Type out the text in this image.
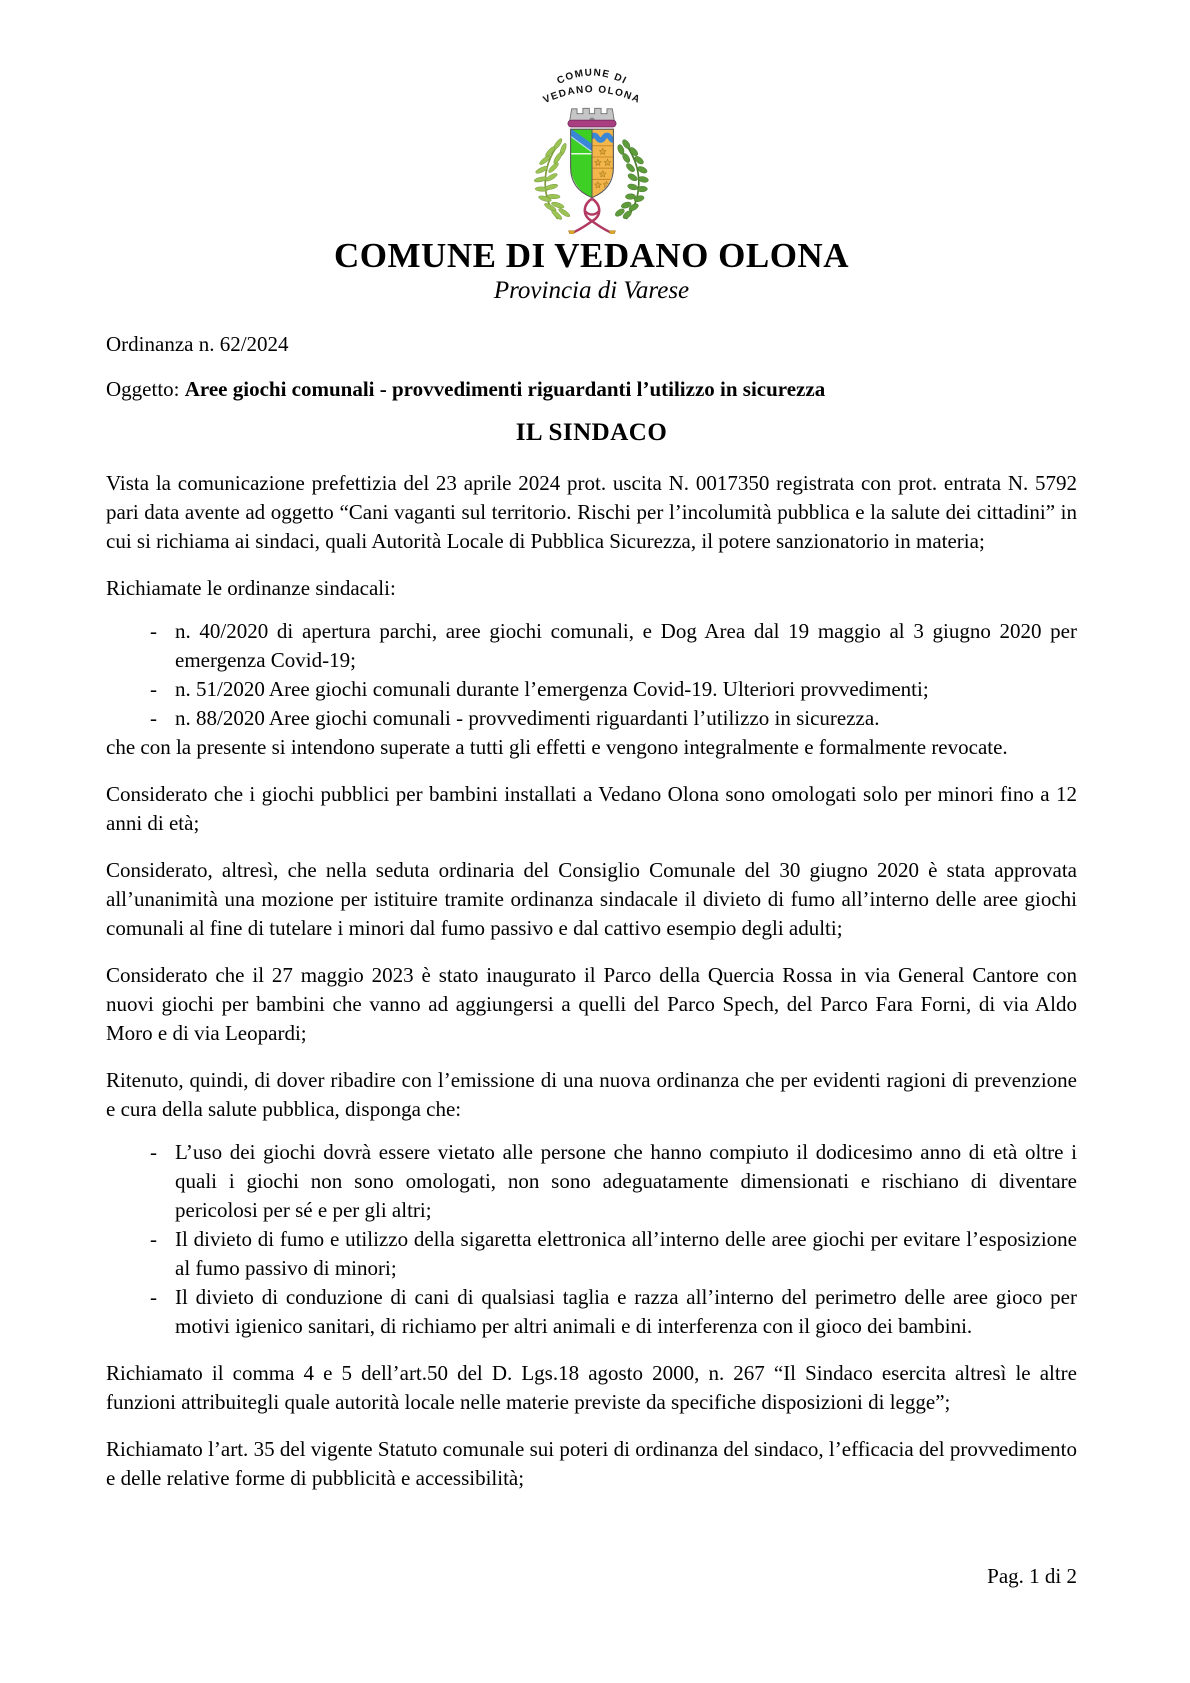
COMUNE DI
VEDANO OLONA
COMUNE DI VEDANO OLONA
Provincia di Varese

Ordinanza n. 62/2024

Oggetto: Aree giochi comunali - provvedimenti riguardanti l’utilizzo in sicurezza

IL SINDACO

Vista la comunicazione prefettizia del 23 aprile 2024 prot. uscita N. 0017350 registrata con prot. entrata N. 5792 pari data avente ad oggetto “Cani vaganti sul territorio. Rischi per l’incolumità pubblica e la salute dei cittadini” in cui si richiama ai sindaci, quali Autorità Locale di Pubblica Sicurezza, il potere sanzionatorio in materia;

Richiamate le ordinanze sindacali:

- n. 40/2020 di apertura parchi, aree giochi comunali, e Dog Area dal 19 maggio al 3 giugno 2020 per emergenza Covid-19;
- n. 51/2020 Aree giochi comunali durante l’emergenza Covid-19. Ulteriori provvedimenti;
- n. 88/2020 Aree giochi comunali - provvedimenti riguardanti l’utilizzo in sicurezza.

che con la presente si intendono superate a tutti gli effetti e vengono integralmente e formalmente revocate.

Considerato che i giochi pubblici per bambini installati a Vedano Olona sono omologati solo per minori fino a 12 anni di età;

Considerato, altresì, che nella seduta ordinaria del Consiglio Comunale del 30 giugno 2020 è stata approvata all’unanimità una mozione per istituire tramite ordinanza sindacale il divieto di fumo all’interno delle aree giochi comunali al fine di tutelare i minori dal fumo passivo e dal cattivo esempio degli adulti;

Considerato che il 27 maggio 2023 è stato inaugurato il Parco della Quercia Rossa in via General Cantore con nuovi giochi per bambini che vanno ad aggiungersi a quelli del Parco Spech, del Parco Fara Forni, di via Aldo Moro e di via Leopardi;

Ritenuto, quindi, di dover ribadire con l’emissione di una nuova ordinanza che per evidenti ragioni di prevenzione e cura della salute pubblica, disponga che:

- L’uso dei giochi dovrà essere vietato alle persone che hanno compiuto il dodicesimo anno di età oltre i quali i giochi non sono omologati, non sono adeguatamente dimensionati e rischiano di diventare pericolosi per sé e per gli altri;
- Il divieto di fumo e utilizzo della sigaretta elettronica all’interno delle aree giochi per evitare l’esposizione al fumo passivo di minori;
- Il divieto di conduzione di cani di qualsiasi taglia e razza all’interno del perimetro delle aree gioco per motivi igienico sanitari, di richiamo per altri animali e di interferenza con il gioco dei bambini.

Richiamato il comma 4 e 5 dell’art.50 del D. Lgs.18 agosto 2000, n. 267 “Il Sindaco esercita altresì le altre funzioni attribuitegli quale autorità locale nelle materie previste da specifiche disposizioni di legge”;

Richiamato l’art. 35 del vigente Statuto comunale sui poteri di ordinanza del sindaco, l’efficacia del provvedimento e delle relative forme di pubblicità e accessibilità;

Pag. 1 di 2
